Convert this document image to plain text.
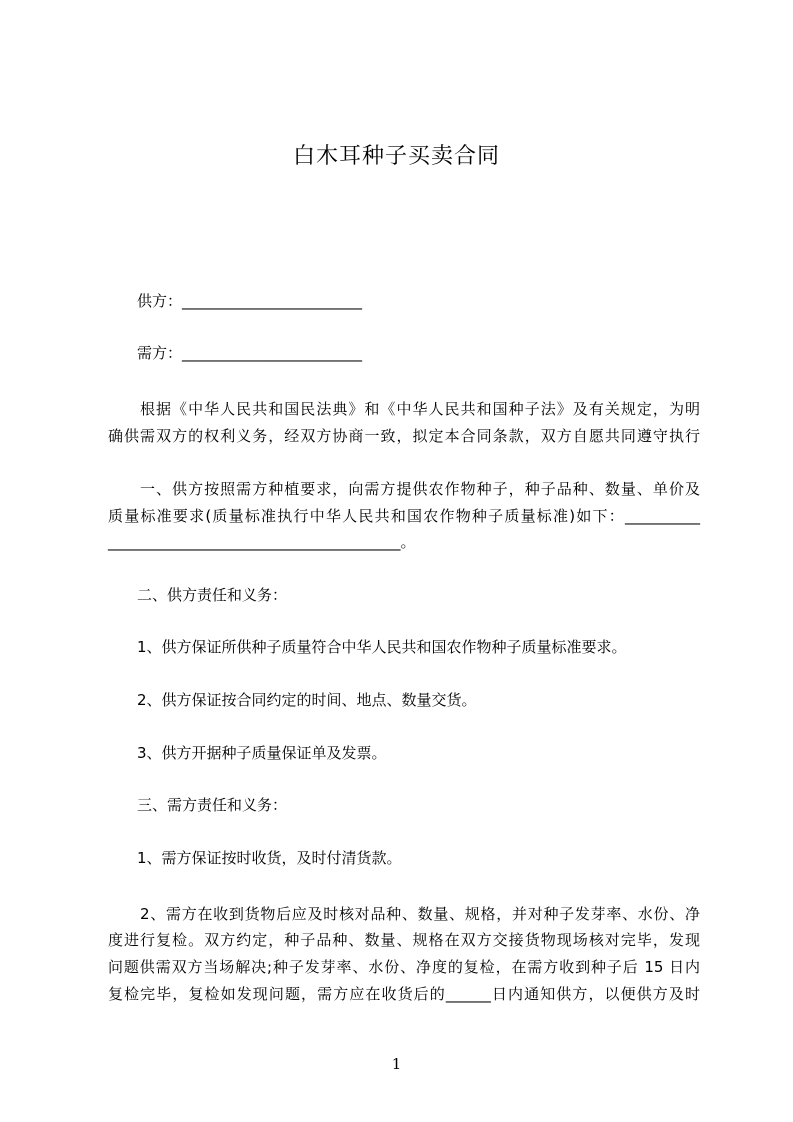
白木耳种子买卖合同
供方：________________________
需方：________________________
根据《中华人民共和国民法典》和《中华人民共和国种子法》及有关规定，为明
确供需双方的权利义务，经双方协商一致，拟定本合同条款，双方自愿共同遵守执行
一、供方按照需方种植要求，向需方提供农作物种子，种子品种、数量、单价及
质量标准要求(质量标准执行中华人民共和国农作物种子质量标准)如下：__________
_______________________________________。
二、供方责任和义务：
1、供方保证所供种子质量符合中华人民共和国农作物种子质量标准要求。
2、供方保证按合同约定的时间、地点、数量交货。
3、供方开据种子质量保证单及发票。
三、需方责任和义务：
1、需方保证按时收货，及时付清货款。
2、需方在收到货物后应及时核对品种、数量、规格，并对种子发芽率、水份、净
度进行复检。双方约定，种子品种、数量、规格在双方交接货物现场核对完毕，发现
问题供需双方当场解决;种子发芽率、水份、净度的复检，在需方收到种子后 15 日内
复检完毕，复检如发现问题，需方应在收货后的______日内通知供方，以便供方及时
1
